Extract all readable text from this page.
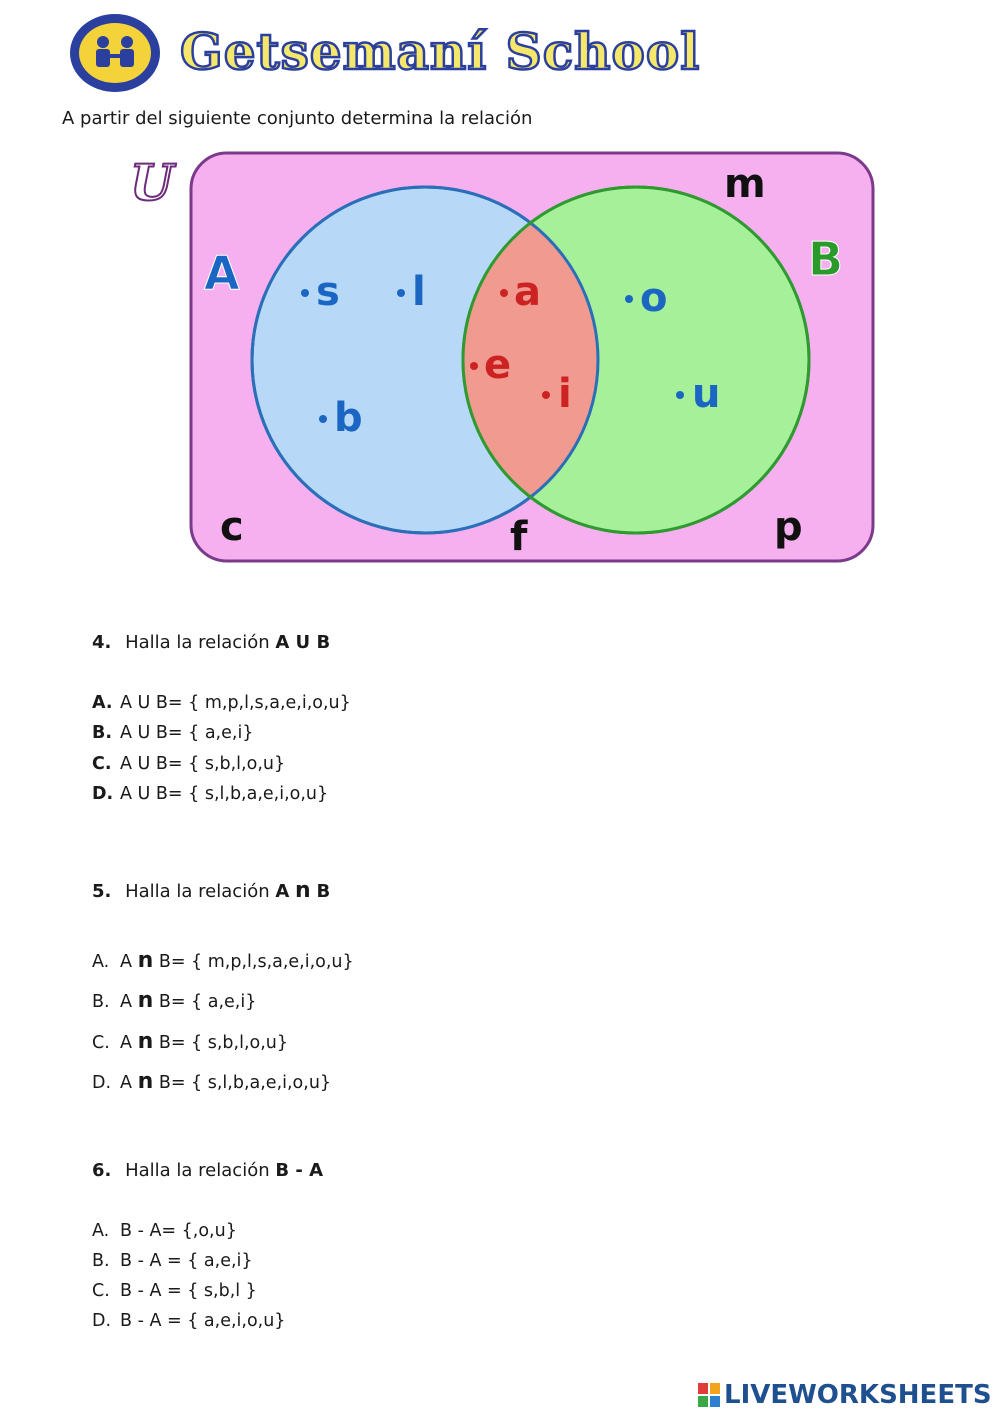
Getsemaní School
A partir del siguiente conjunto determina la relación
U
A	B
s l
b
a
e
i
o
u
m
c	f	p
4. Halla la relación A U B
A. A U B= { m,p,l,s,a,e,i,o,u}
B. A U B= { a,e,i}
C. A U B= { s,b,l,o,u}
D. A U B= { s,l,b,a,e,i,o,u}
5. Halla la relación A n B
A. A n B= { m,p,l,s,a,e,i,o,u}
B. A n B= { a,e,i}
C. A n B= { s,b,l,o,u}
D. A n B= { s,l,b,a,e,i,o,u}
6. Halla la relación B - A
A. B - A= {,o,u}
B. B - A = { a,e,i}
C. B - A = { s,b,l }
D. B - A = { a,e,i,o,u}
LIVEWORKSHEETS
